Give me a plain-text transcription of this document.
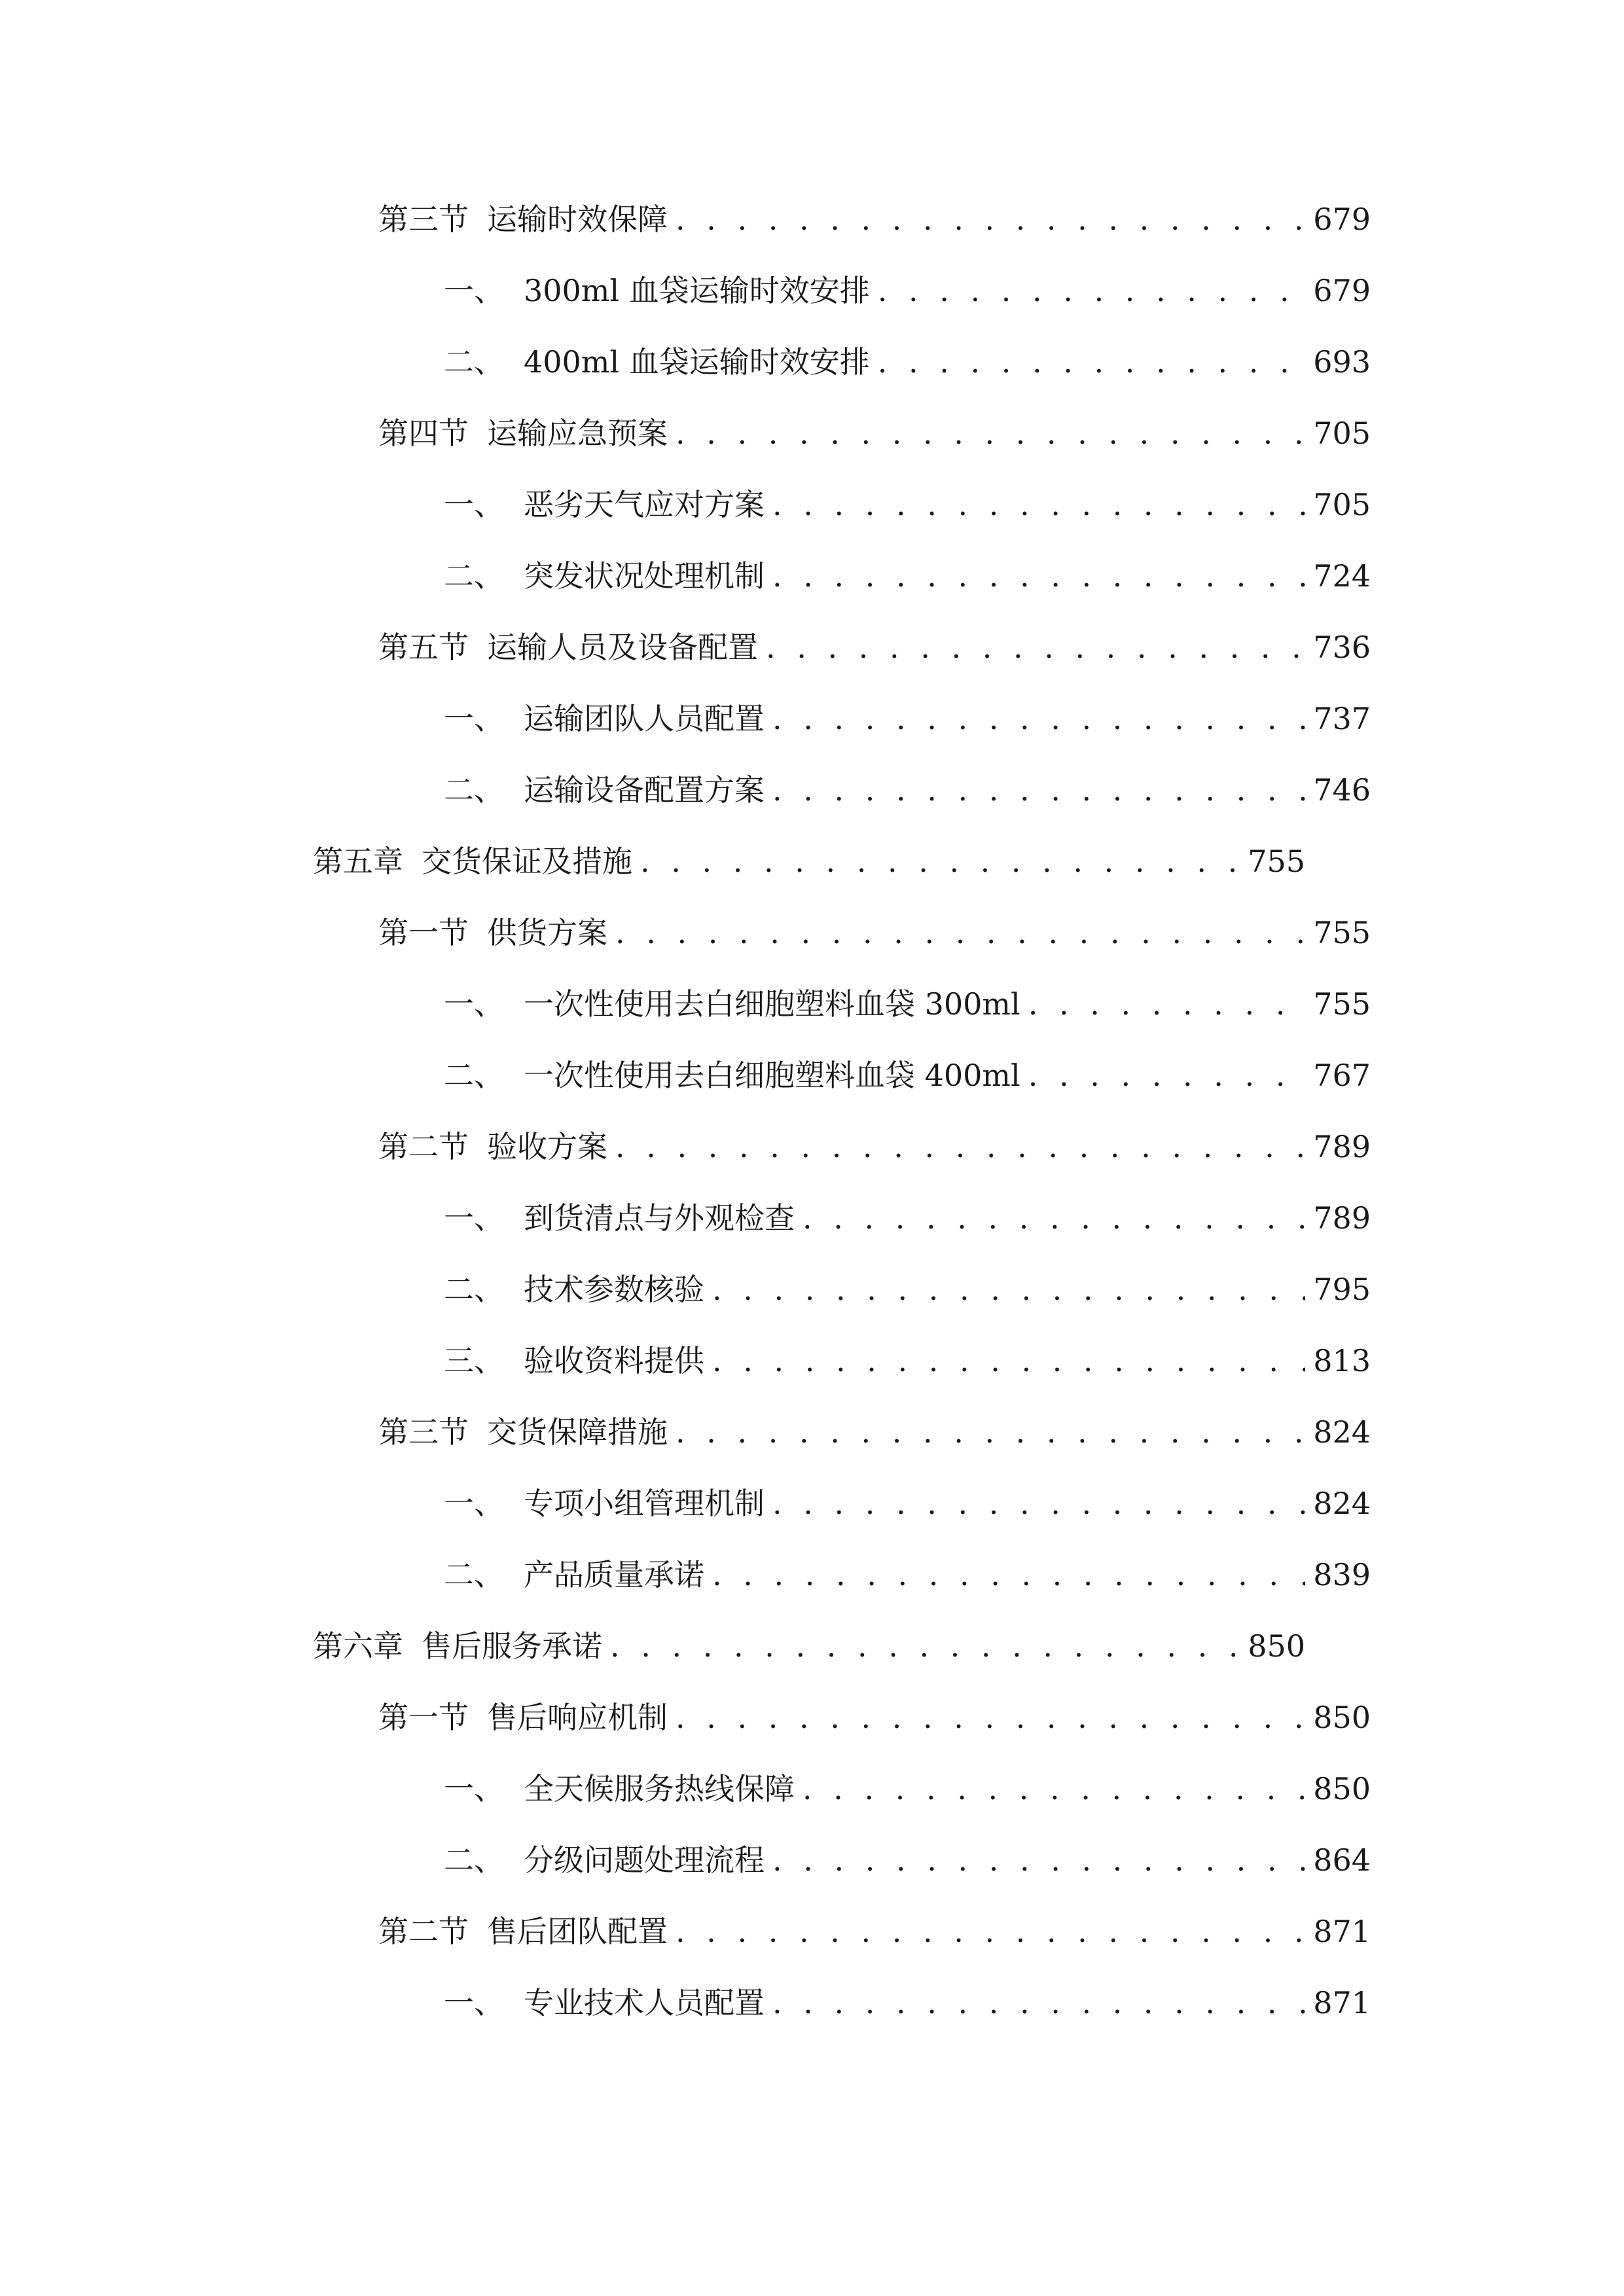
第三节 运输时效保障 . . .	679
一、 300ml 血袋运输时效安排 . . .	679
二、 400ml 血袋运输时效安排 . . .	693
第四节 运输应急预案 . . .	705
一、 恶劣天气应对方案 . . .	705
二、 突发状况处理机制 . . .	724
第五节 运输人员及设备配置 . . .	736
一、 运输团队人员配置 . . .	737
二、 运输设备配置方案 . . .	746
第五章 交货保证及措施 . . .	755
第一节 供货方案 . . .	755
一、 一次性使用去白细胞塑料血袋 300ml . . .	755
二、 一次性使用去白细胞塑料血袋 400ml . . .	767
第二节 验收方案 . . .	789
一、 到货清点与外观检查 . . .	789
二、 技术参数核验 . . .	795
三、 验收资料提供 . . .	813
第三节 交货保障措施 . . .	824
一、 专项小组管理机制 . . .	824
二、 产品质量承诺 . . .	839
第六章 售后服务承诺 . . .	850
第一节 售后响应机制 . . .	850
一、 全天候服务热线保障 . . .	850
二、 分级问题处理流程 . . .	864
第二节 售后团队配置 . . .	871
一、 专业技术人员配置 . . .	871
